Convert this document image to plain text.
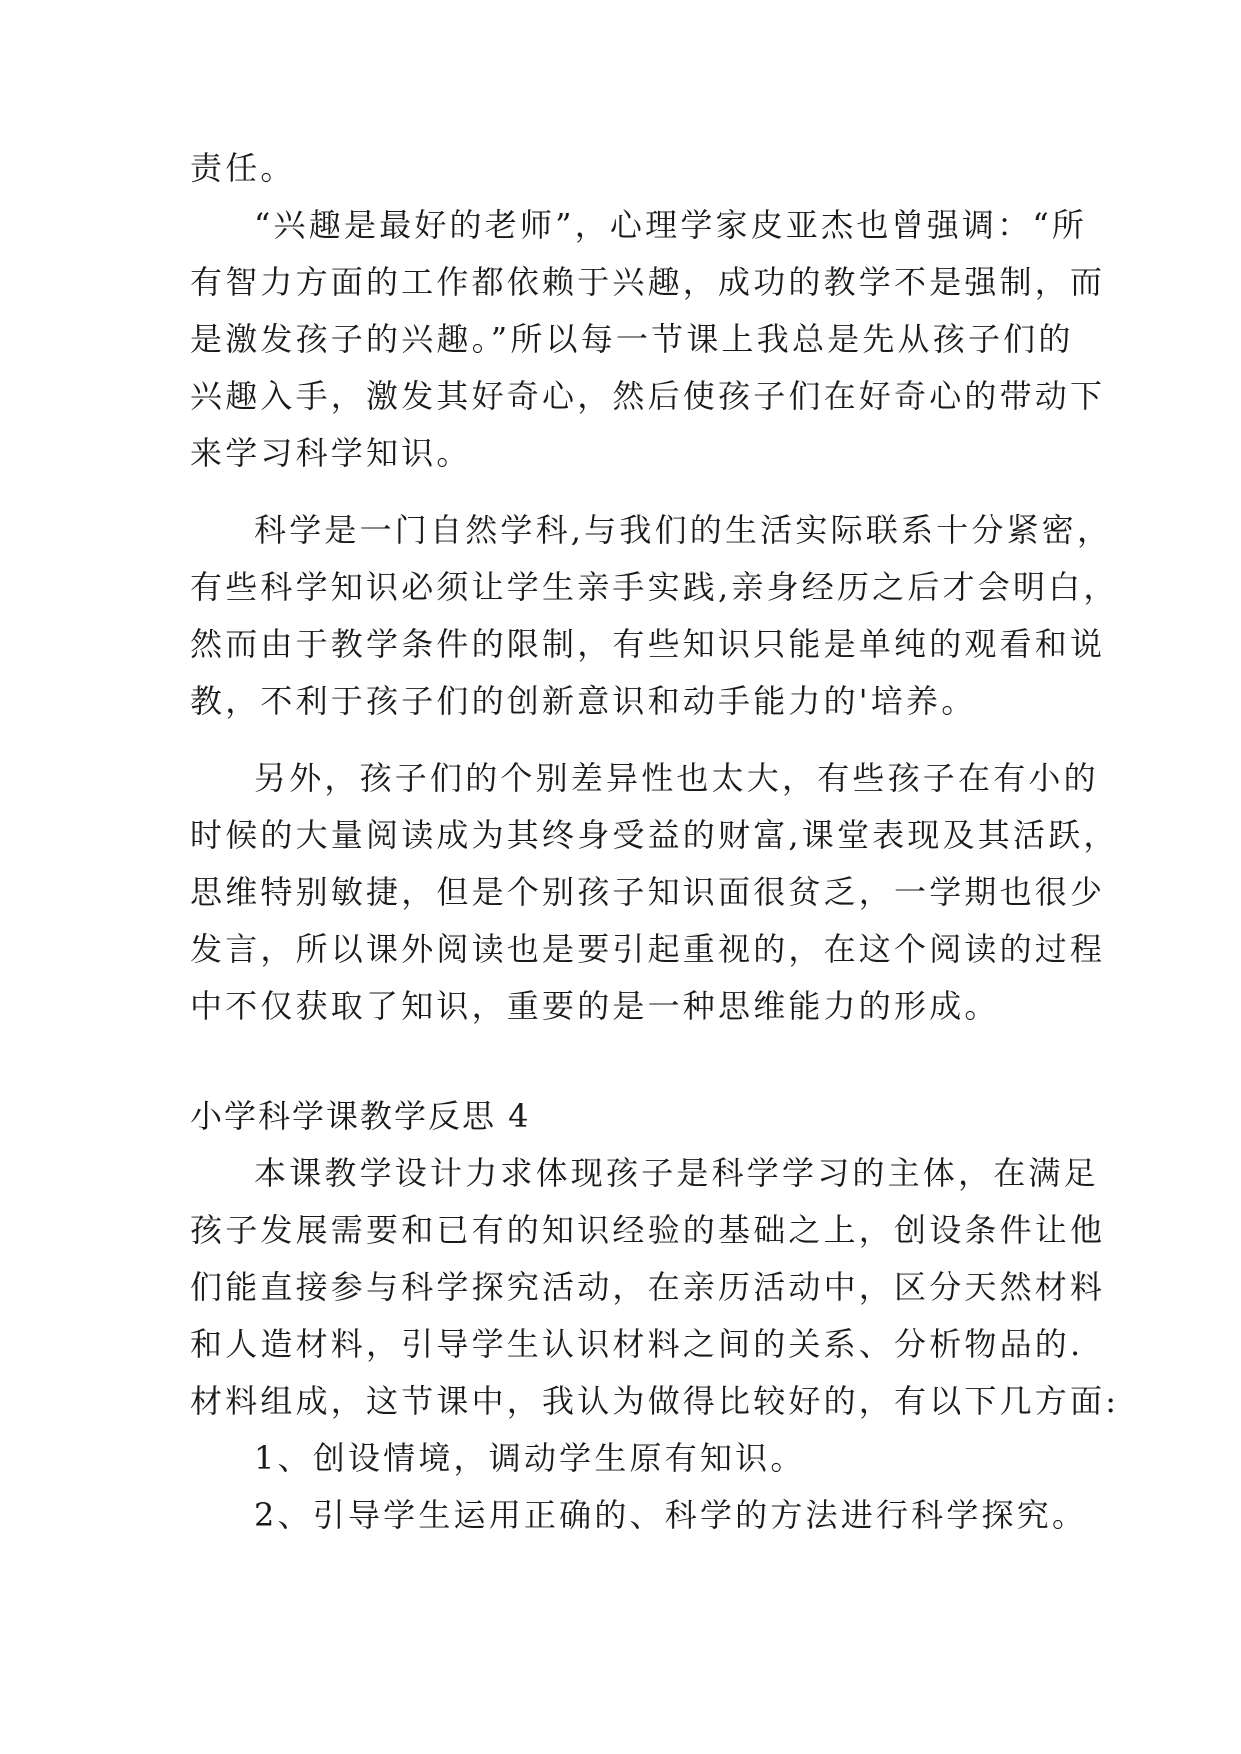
责任。
“兴趣是最好的老师”，心理学家皮亚杰也曾强调：“所
有智力方面的工作都依赖于兴趣，成功的教学不是强制，而
是激发孩子的兴趣。”所以每一节课上我总是先从孩子们的
兴趣入手，激发其好奇心，然后使孩子们在好奇心的带动下
来学习科学知识。
科学是一门自然学科,与我们的生活实际联系十分紧密，
有些科学知识必须让学生亲手实践,亲身经历之后才会明白，
然而由于教学条件的限制，有些知识只能是单纯的观看和说
教，不利于孩子们的创新意识和动手能力的'培养。
另外，孩子们的个别差异性也太大，有些孩子在有小的
时候的大量阅读成为其终身受益的财富,课堂表现及其活跃，
思维特别敏捷，但是个别孩子知识面很贫乏，一学期也很少
发言，所以课外阅读也是要引起重视的，在这个阅读的过程
中不仅获取了知识，重要的是一种思维能力的形成。
小学科学课教学反思 4
本课教学设计力求体现孩子是科学学习的主体，在满足
孩子发展需要和已有的知识经验的基础之上，创设条件让他
们能直接参与科学探究活动，在亲历活动中，区分天然材料
和人造材料，引导学生认识材料之间的关系、分析物品的.
材料组成，这节课中，我认为做得比较好的，有以下几方面:
1、创设情境，调动学生原有知识。
2、引导学生运用正确的、科学的方法进行科学探究。
